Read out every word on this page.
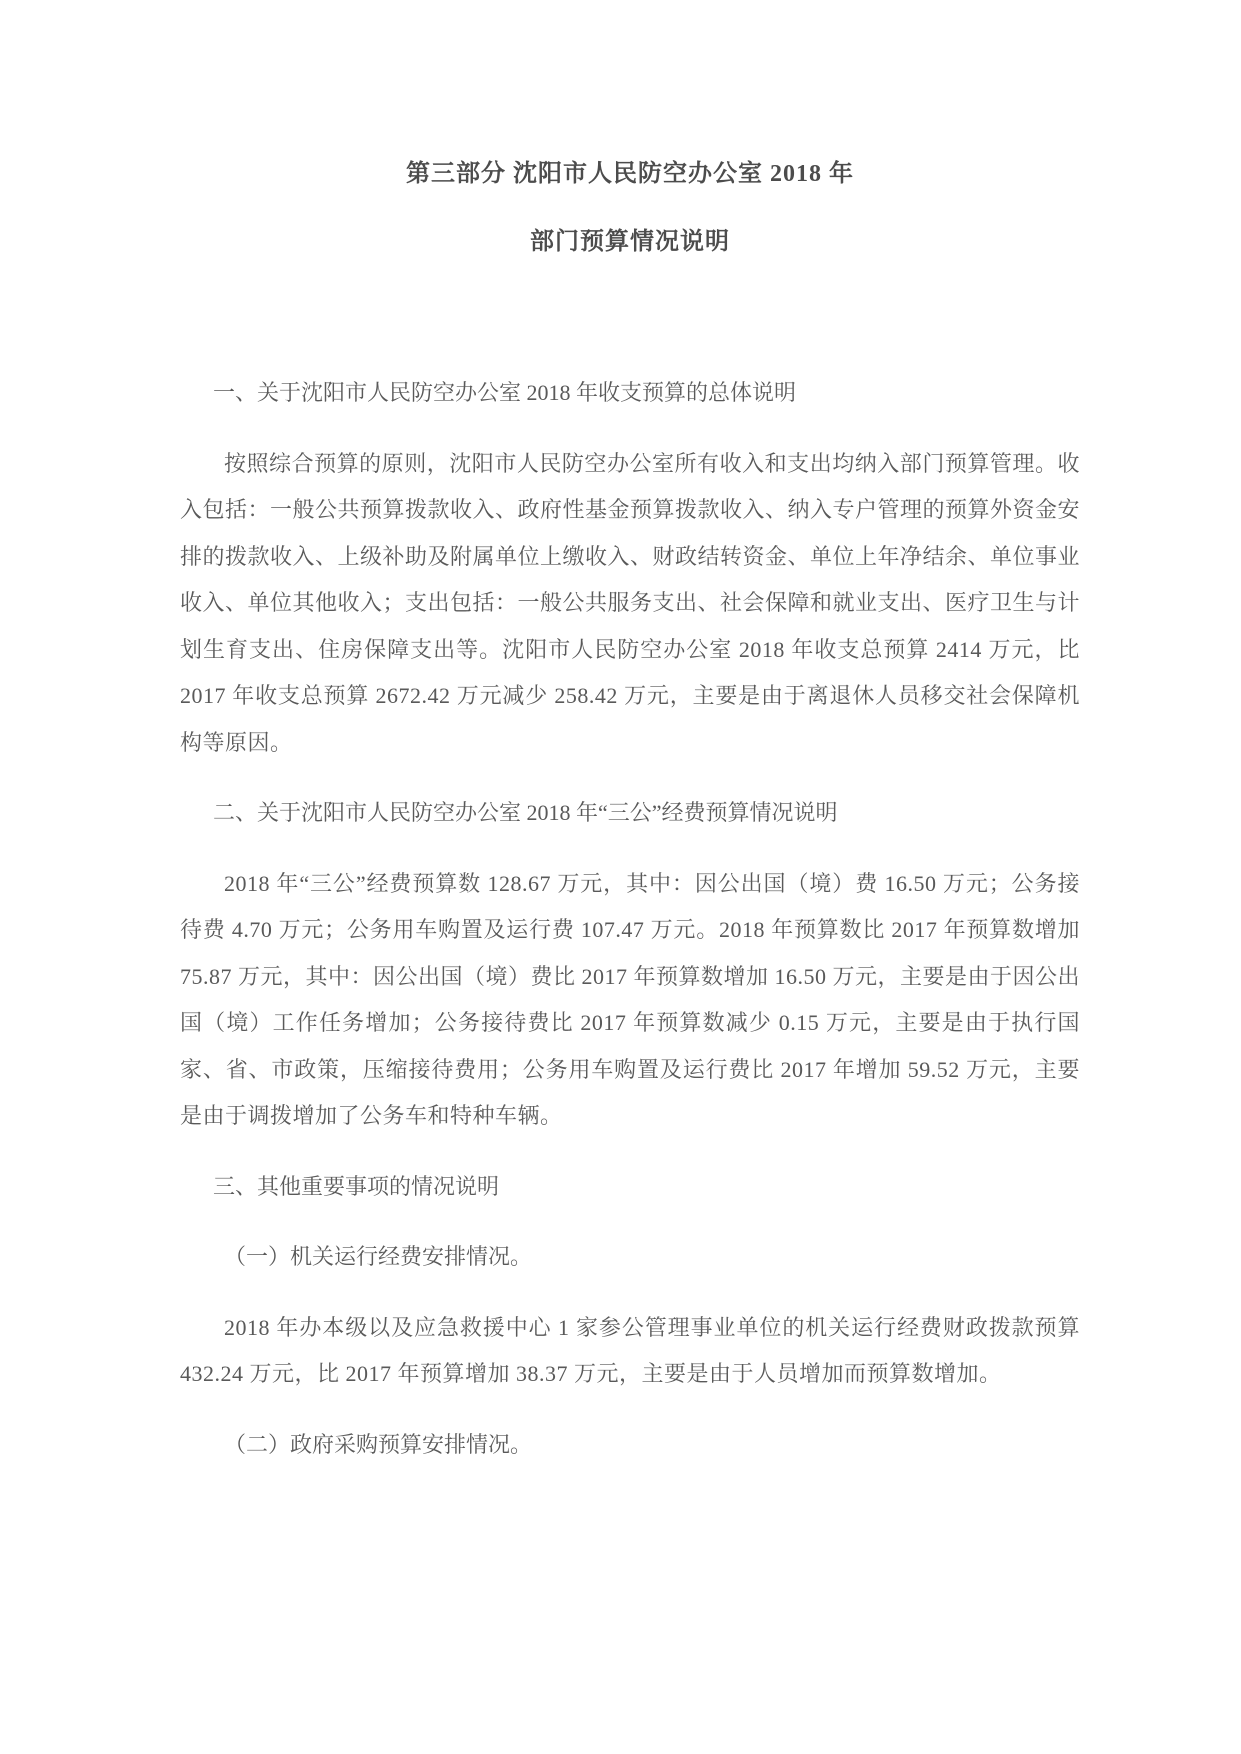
第三部分 沈阳市人民防空办公室 2018 年
部门预算情况说明
一、关于沈阳市人民防空办公室 2018 年收支预算的总体说明

按照综合预算的原则，沈阳市人民防空办公室所有收入和支出均纳入部门预算管理。收入包括：一般公共预算拨款收入、政府性基金预算拨款收入、纳入专户管理的预算外资金安排的拨款收入、上级补助及附属单位上缴收入、财政结转资金、单位上年净结余、单位事业收入、单位其他收入；支出包括：一般公共服务支出、社会保障和就业支出、医疗卫生与计划生育支出、住房保障支出等。沈阳市人民防空办公室 2018 年收支总预算 2414 万元，比 2017 年收支总预算 2672.42 万元减少 258.42 万元，主要是由于离退休人员移交社会保障机构等原因。

二、关于沈阳市人民防空办公室 2018 年“三公”经费预算情况说明

2018 年“三公”经费预算数 128.67 万元，其中：因公出国（境）费 16.50 万元；公务接待费 4.70 万元；公务用车购置及运行费 107.47 万元。2018 年预算数比 2017 年预算数增加 75.87 万元，其中：因公出国（境）费比 2017 年预算数增加 16.50 万元，主要是由于因公出国（境）工作任务增加；公务接待费比 2017 年预算数减少 0.15 万元，主要是由于执行国家、省、市政策，压缩接待费用；公务用车购置及运行费比 2017 年增加 59.52 万元，主要是由于调拨增加了公务车和特种车辆。

三、其他重要事项的情况说明

（一）机关运行经费安排情况。

2018 年办本级以及应急救援中心 1 家参公管理事业单位的机关运行经费财政拨款预算 432.24 万元，比 2017 年预算增加 38.37 万元，主要是由于人员增加而预算数增加。

（二）政府采购预算安排情况。
